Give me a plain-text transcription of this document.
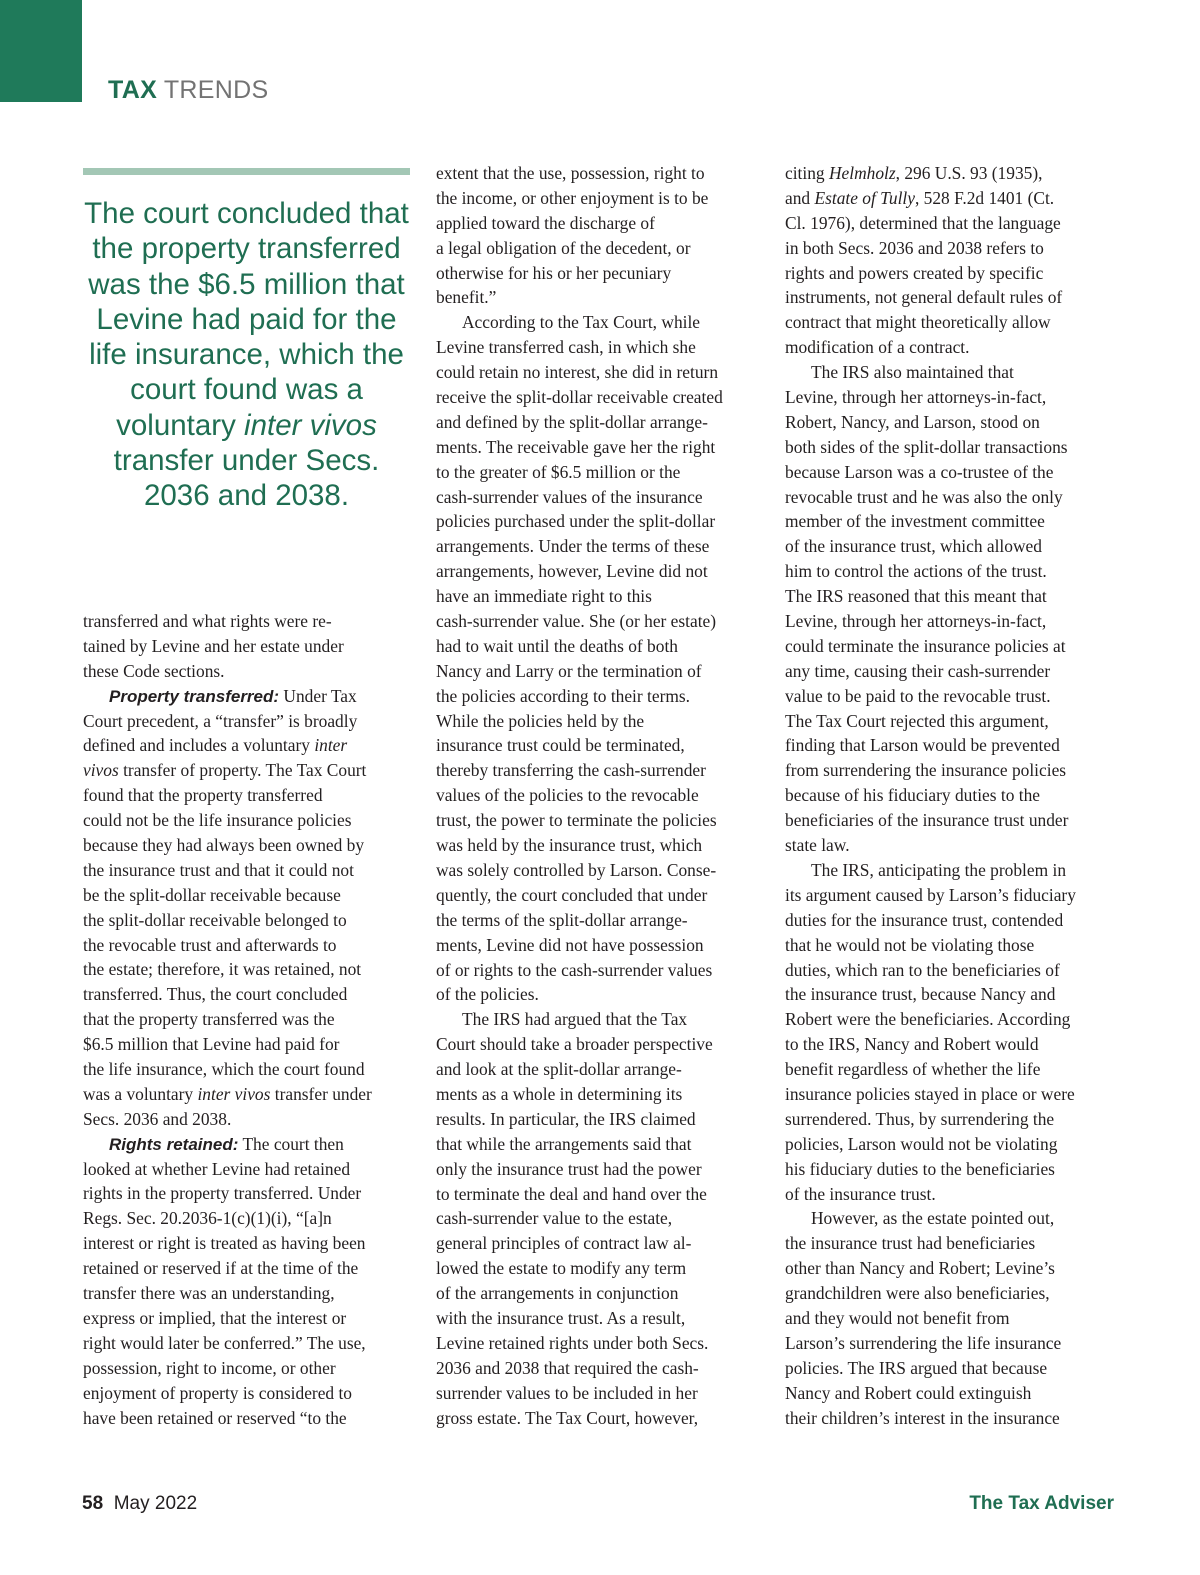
TAX TRENDS
The court concluded that the property transferred was the $6.5 million that Levine had paid for the life insurance, which the court found was a voluntary inter vivos transfer under Secs. 2036 and 2038.
transferred and what rights were re-
tained by Levine and her estate under
these Code sections.
Property transferred: Under Tax
Court precedent, a “transfer” is broadly
defined and includes a voluntary inter
vivos transfer of property. The Tax Court
found that the property transferred
could not be the life insurance policies
because they had always been owned by
the insurance trust and that it could not
be the split-dollar receivable because
the split-dollar receivable belonged to
the revocable trust and afterwards to
the estate; therefore, it was retained, not
transferred. Thus, the court concluded
that the property transferred was the
$6.5 million that Levine had paid for
the life insurance, which the court found
was a voluntary inter vivos transfer under
Secs. 2036 and 2038.
Rights retained: The court then
looked at whether Levine had retained
rights in the property transferred. Under
Regs. Sec. 20.2036-1(c)(1)(i), “[a]n
interest or right is treated as having been
retained or reserved if at the time of the
transfer there was an understanding,
express or implied, that the interest or
right would later be conferred.” The use,
possession, right to income, or other
enjoyment of property is considered to
have been retained or reserved “to the
extent that the use, possession, right to
the income, or other enjoyment is to be
applied toward the discharge of
a legal obligation of the decedent, or
otherwise for his or her pecuniary
benefit.”
According to the Tax Court, while
Levine transferred cash, in which she
could retain no interest, she did in return
receive the split-dollar receivable created
and defined by the split-dollar arrange-
ments. The receivable gave her the right
to the greater of $6.5 million or the
cash-surrender values of the insurance
policies purchased under the split-dollar
arrangements. Under the terms of these
arrangements, however, Levine did not
have an immediate right to this
cash-surrender value. She (or her estate)
had to wait until the deaths of both
Nancy and Larry or the termination of
the policies according to their terms.
While the policies held by the
insurance trust could be terminated,
thereby transferring the cash-surrender
values of the policies to the revocable
trust, the power to terminate the policies
was held by the insurance trust, which
was solely controlled by Larson. Conse-
quently, the court concluded that under
the terms of the split-dollar arrange-
ments, Levine did not have possession
of or rights to the cash-surrender values
of the policies.
The IRS had argued that the Tax
Court should take a broader perspective
and look at the split-dollar arrange-
ments as a whole in determining its
results. In particular, the IRS claimed
that while the arrangements said that
only the insurance trust had the power
to terminate the deal and hand over the
cash-surrender value to the estate,
general principles of contract law al-
lowed the estate to modify any term
of the arrangements in conjunction
with the insurance trust. As a result,
Levine retained rights under both Secs.
2036 and 2038 that required the cash-
surrender values to be included in her
gross estate. The Tax Court, however,
citing Helmholz, 296 U.S. 93 (1935),
and Estate of Tully, 528 F.2d 1401 (Ct.
Cl. 1976), determined that the language
in both Secs. 2036 and 2038 refers to
rights and powers created by specific
instruments, not general default rules of
contract that might theoretically allow
modification of a contract.
The IRS also maintained that
Levine, through her attorneys-in-fact,
Robert, Nancy, and Larson, stood on
both sides of the split-dollar transactions
because Larson was a co-trustee of the
revocable trust and he was also the only
member of the investment committee
of the insurance trust, which allowed
him to control the actions of the trust.
The IRS reasoned that this meant that
Levine, through her attorneys-in-fact,
could terminate the insurance policies at
any time, causing their cash-surrender
value to be paid to the revocable trust.
The Tax Court rejected this argument,
finding that Larson would be prevented
from surrendering the insurance policies
because of his fiduciary duties to the
beneficiaries of the insurance trust under
state law.
The IRS, anticipating the problem in
its argument caused by Larson’s fiduciary
duties for the insurance trust, contended
that he would not be violating those
duties, which ran to the beneficiaries of
the insurance trust, because Nancy and
Robert were the beneficiaries. According
to the IRS, Nancy and Robert would
benefit regardless of whether the life
insurance policies stayed in place or were
surrendered. Thus, by surrendering the
policies, Larson would not be violating
his fiduciary duties to the beneficiaries
of the insurance trust.
However, as the estate pointed out,
the insurance trust had beneficiaries
other than Nancy and Robert; Levine’s
grandchildren were also beneficiaries,
and they would not benefit from
Larson’s surrendering the life insurance
policies. The IRS argued that because
Nancy and Robert could extinguish
their children’s interest in the insurance
58 May 2022	The Tax Adviser
